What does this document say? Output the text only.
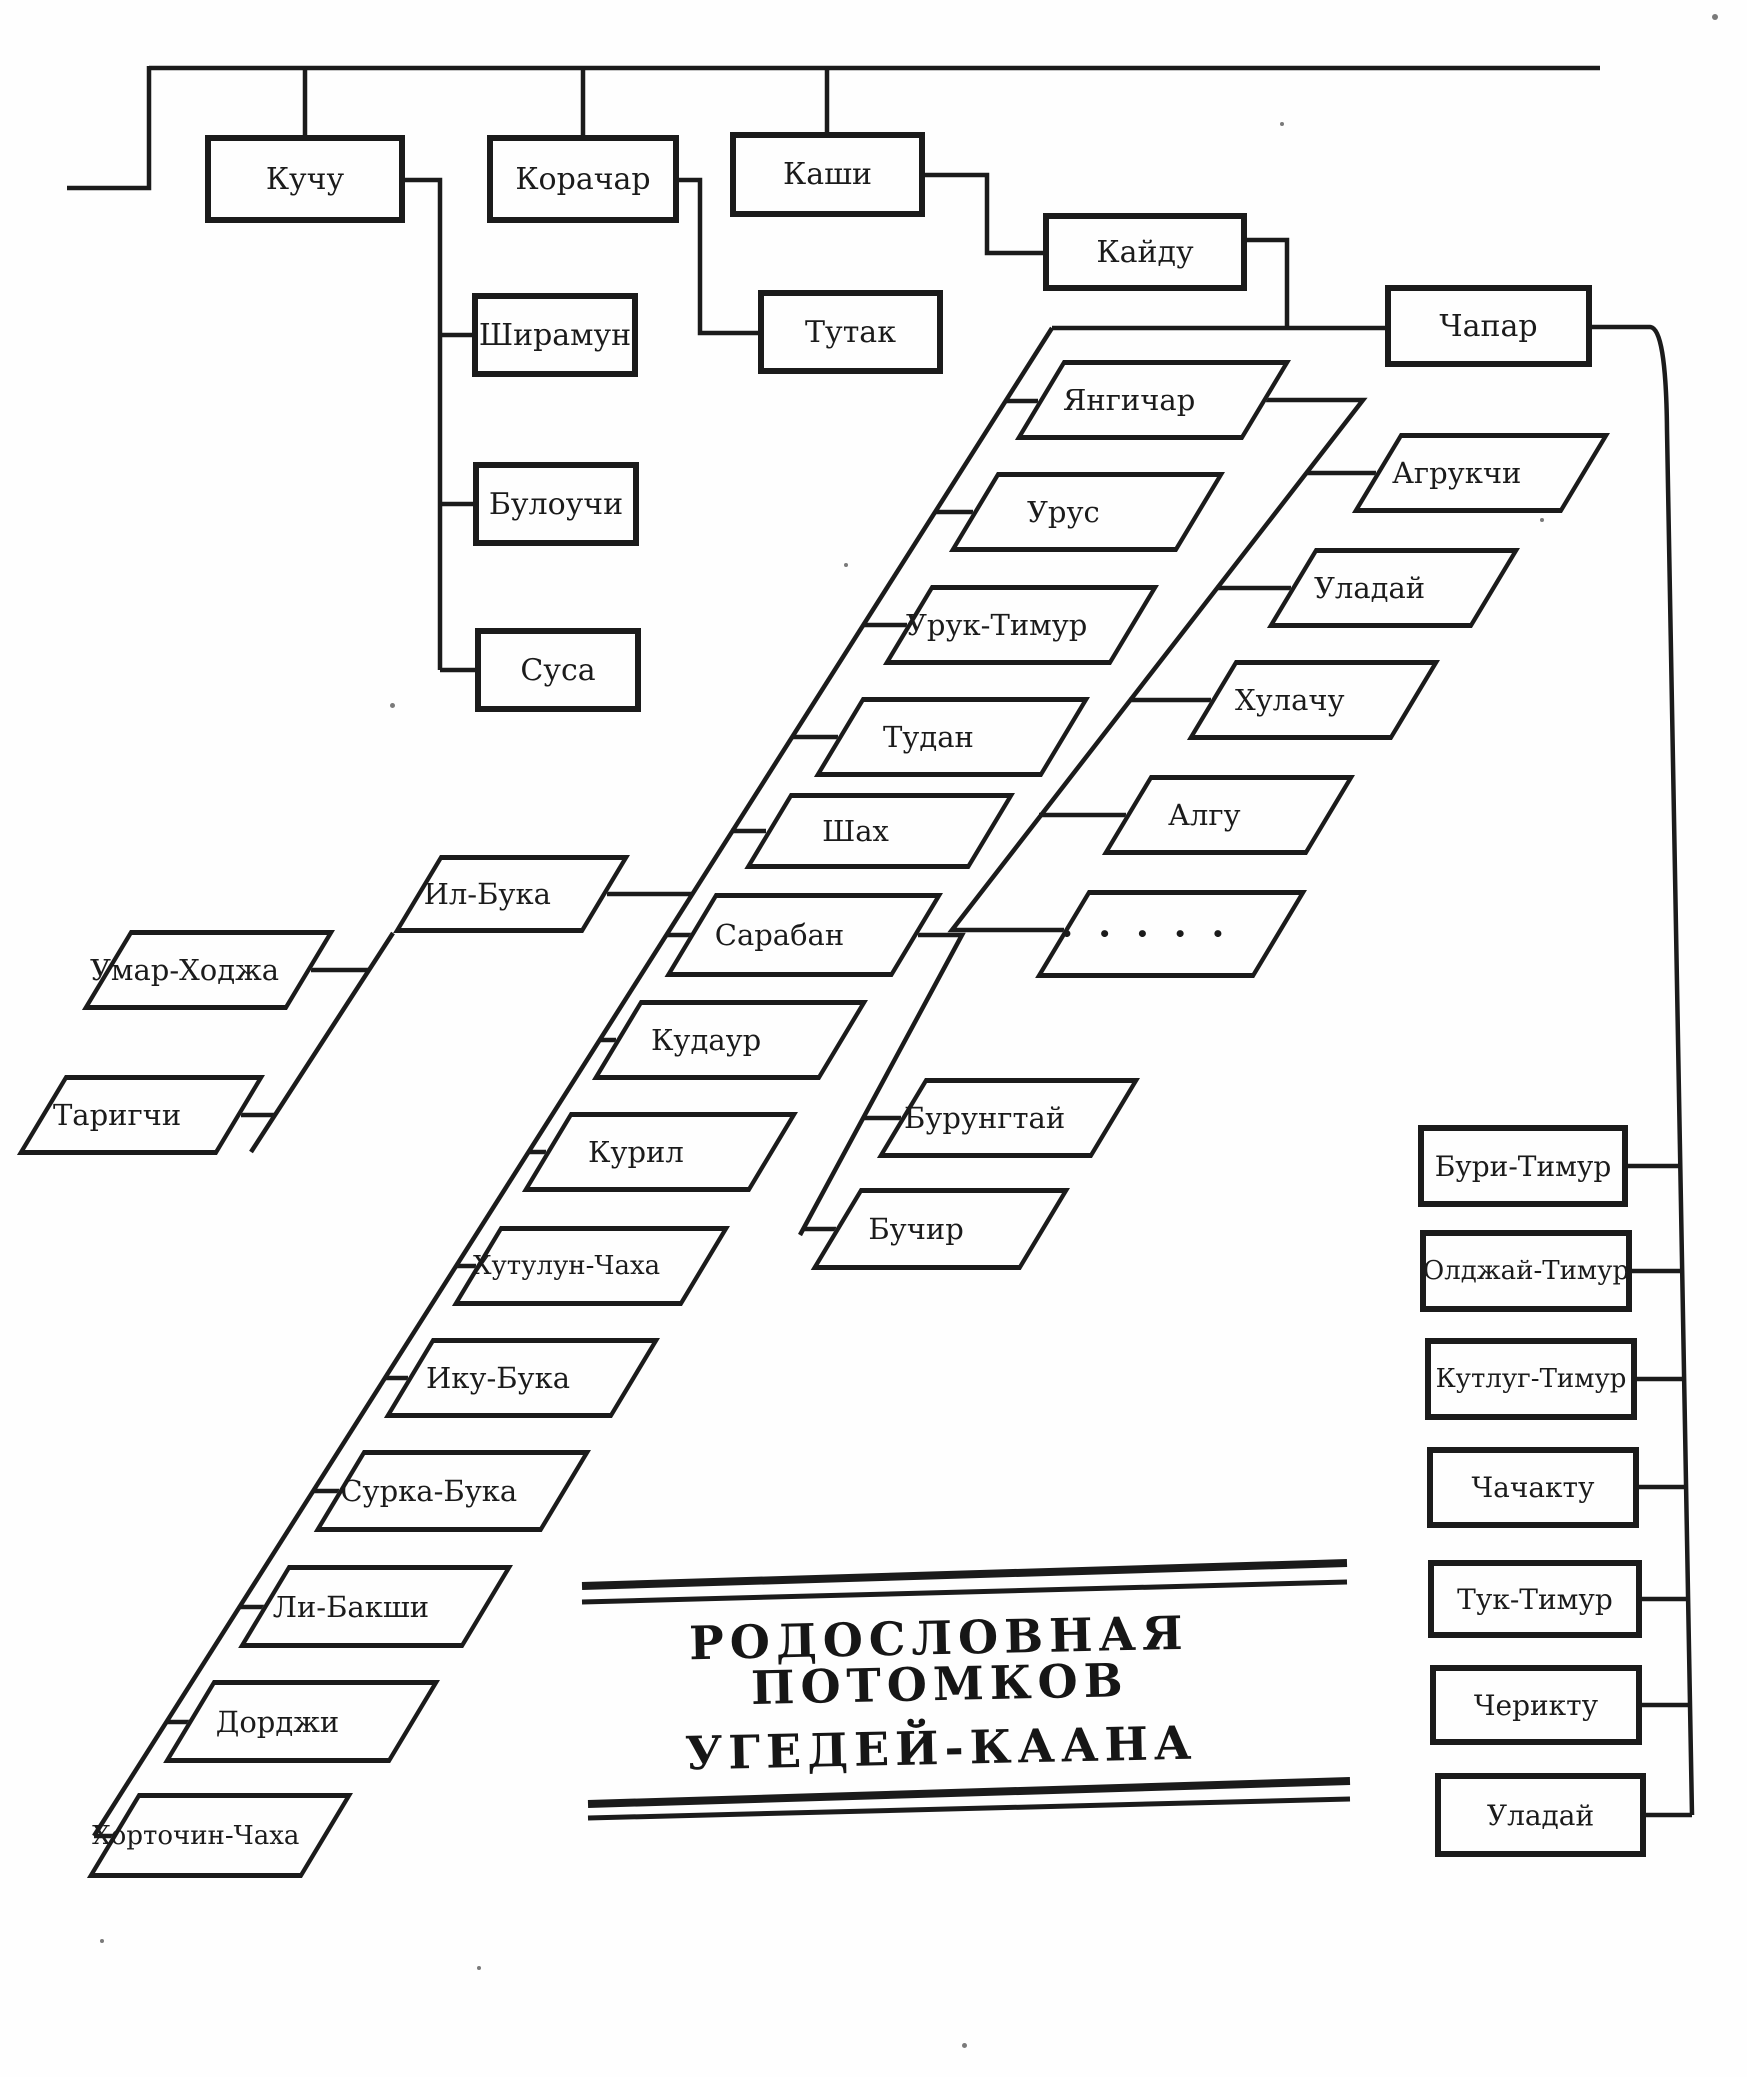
Кучу	Корачар	Каши
Кайду
Чапар
Ширамун
Булоучи
Суса
Тутак
Янгичар
Урус
Урук-Тимур
Тудан
Шах
Сарабан
Кудаур
Курил
Хутулун-Чаха
Ику-Бука
Сурка-Бука
Ли-Бакши
Дорджи
Хорточин-Чаха
Ил-Бука
Умар-Ходжа
Таригчи
Агрукчи
Уладай
Хулачу
Алгу
• • • • •
Бурунгтай
Бучир
Бури-Тимур
Олджай-Тимур
Кутлуг-Тимур
Чачакту
Тук-Тимур
Черикту
Уладай
РОДОСЛОВНАЯ ПОТОМКОВ
УГЕДЕЙ-КААНА
